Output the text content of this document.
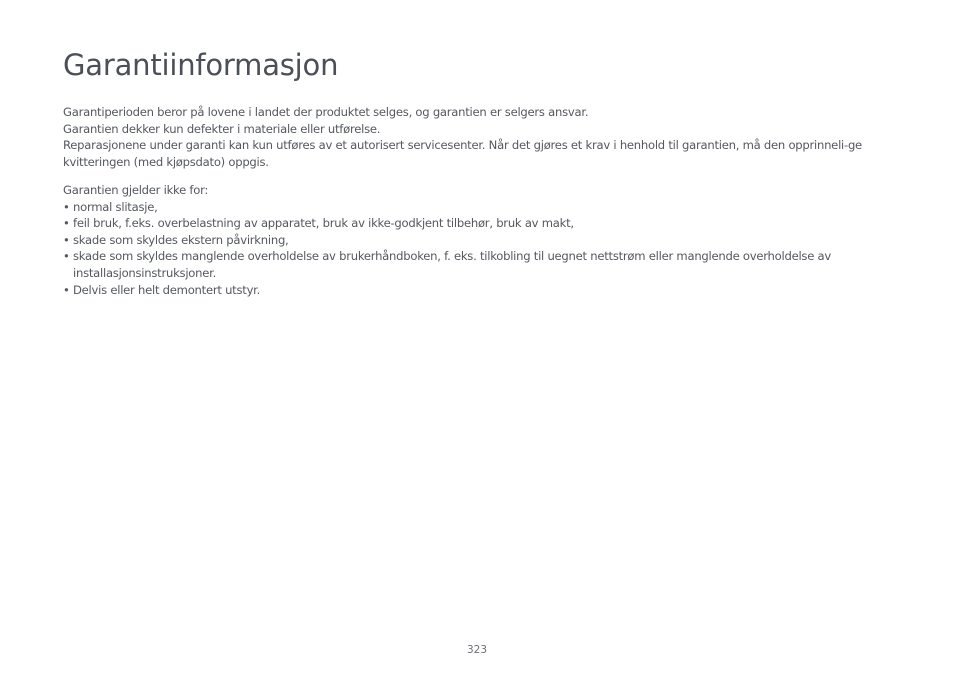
Garantiinformasjon

Garantiperioden beror på lovene i landet der produktet selges, og garantien er selgers ansvar.

Garantien dekker kun defekter i materiale eller utførelse.

Reparasjonene under garanti kan kun utføres av et autorisert servicesenter. Når det gjøres et krav i henhold til garantien, må den opprinneli-ge kvitteringen (med kjøpsdato) oppgis.

Garantien gjelder ikke for:

• normal slitasje,
• feil bruk, f.eks. overbelastning av apparatet, bruk av ikke-godkjent tilbehør, bruk av makt,
• skade som skyldes ekstern påvirkning,
• skade som skyldes manglende overholdelse av brukerhåndboken, f. eks. tilkobling til uegnet nettstrøm eller manglende overholdelse av installasjonsinstruksjoner.
• Delvis eller helt demontert utstyr.
323
